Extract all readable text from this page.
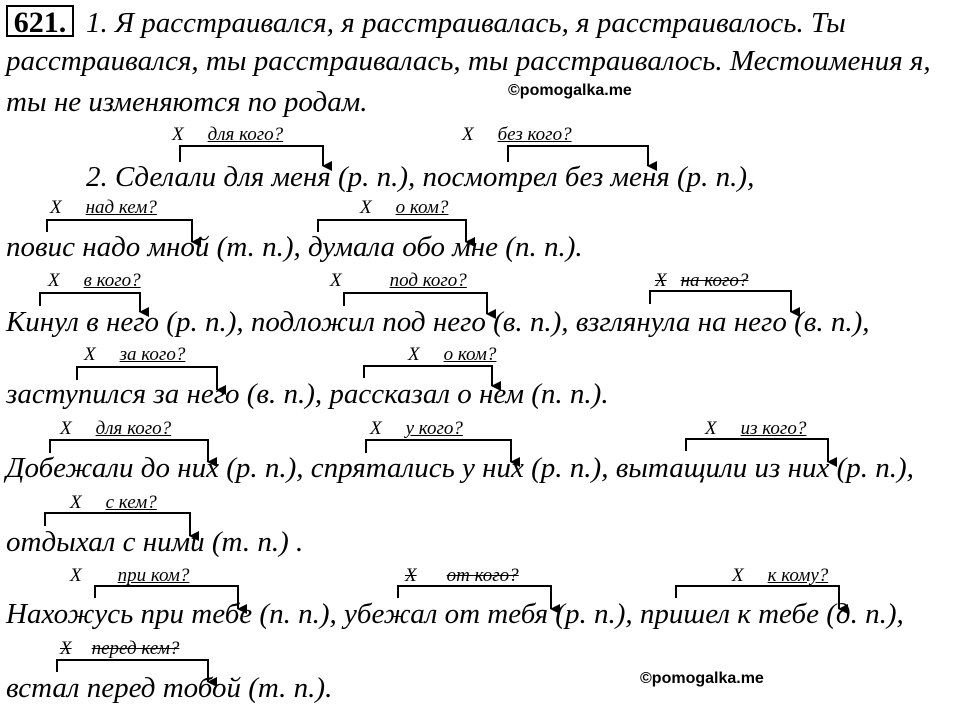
621. 1. Я расстраивался, я расстраивалась, я расстраивалось. Ты
расстраивался, ты расстраивалась, ты расстраивалось. Местоимения я,
ты не изменяются по родам.	©pomogalka.me
2. Сделали для меня (р. п.), посмотрел без меня (р. п.),
повис надо мной (т. п.), думала обо мне (п. п.).
Кинул в него (р. п.), подложил под него (в. п.), взглянула на него (в. п.),
заступился за него (в. п.), рассказал о нем (п. п.).
Добежали до них (р. п.), спрятались у них (р. п.), вытащили из них (р. п.),
отдыхал с ними (т. п.) .
Нахожусь при тебе (п. п.), убежал от тебя (р. п.), пришел к тебе (д. п.),
встал перед тобой (т. п.).	©pomogalka.me
X для кого?	X без кого?
X над кем?	X о ком?
X в кого?	X	под кого?	X на кого?
X за кого?	X о ком?
X для кого?	X у кого?	X из кого?
X с кем?
X при ком?	X от кого?	X к кому?
X перед кем?
